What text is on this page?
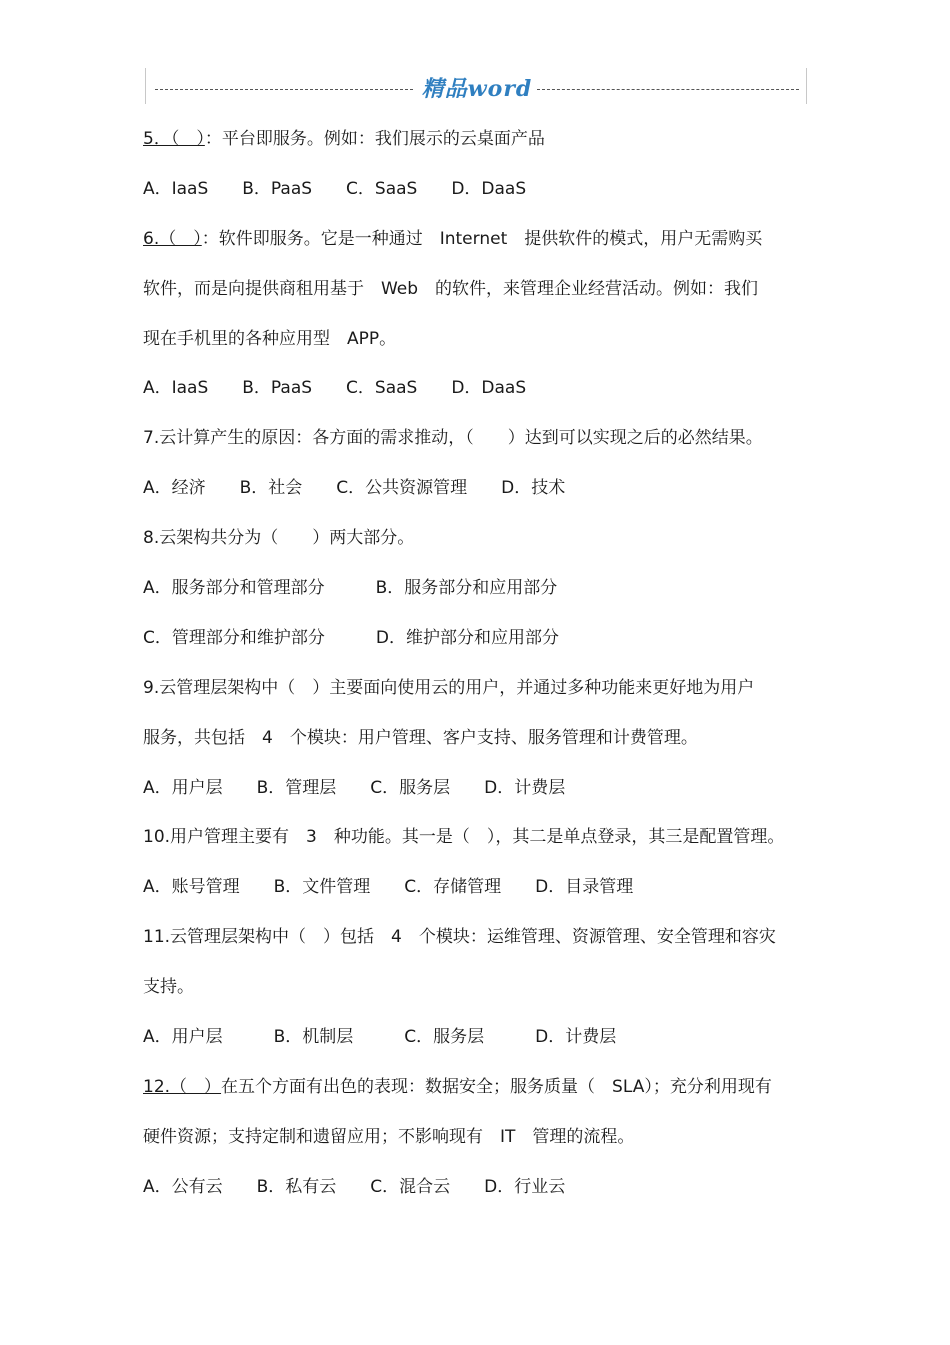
精品word
5．（　）：平台即服务。例如：我们展示的云桌面产品
A．IaaS　　B．PaaS　　C．SaaS　　D．DaaS
6.（　）：软件即服务。它是一种通过　Internet　提供软件的模式，用户无需购买
软件，而是向提供商租用基于　Web　的软件，来管理企业经营活动。例如：我们
现在手机里的各种应用型　APP。
A．IaaS　　B．PaaS　　C．SaaS　　D．DaaS
7.云计算产生的原因：各方面的需求推动，（　　）达到可以实现之后的必然结果。
A．经济　　B．社会　　C．公共资源管理　　D．技术
8.云架构共分为（　　）两大部分。
A．服务部分和管理部分　　　B．服务部分和应用部分
C．管理部分和维护部分　　　D．维护部分和应用部分
9.云管理层架构中（　）主要面向使用云的用户，并通过多种功能来更好地为用户
服务，共包括　4　个模块：用户管理、客户支持、服务管理和计费管理。
A．用户层　　B．管理层　　C．服务层　　D．计费层
10.用户管理主要有　3　种功能。其一是（　），其二是单点登录，其三是配置管理。
A．账号管理　　B．文件管理　　C．存储管理　　D．目录管理
11.云管理层架构中（　）包括　4　个模块：运维管理、资源管理、安全管理和容灾
支持。
A．用户层　　　B．机制层　　　C．服务层　　　D．计费层
12.（　）在五个方面有出色的表现：数据安全；服务质量（　SLA）；充分利用现有
硬件资源；支持定制和遗留应用；不影响现有　IT　管理的流程。
A．公有云　　B．私有云　　C．混合云　　D．行业云
